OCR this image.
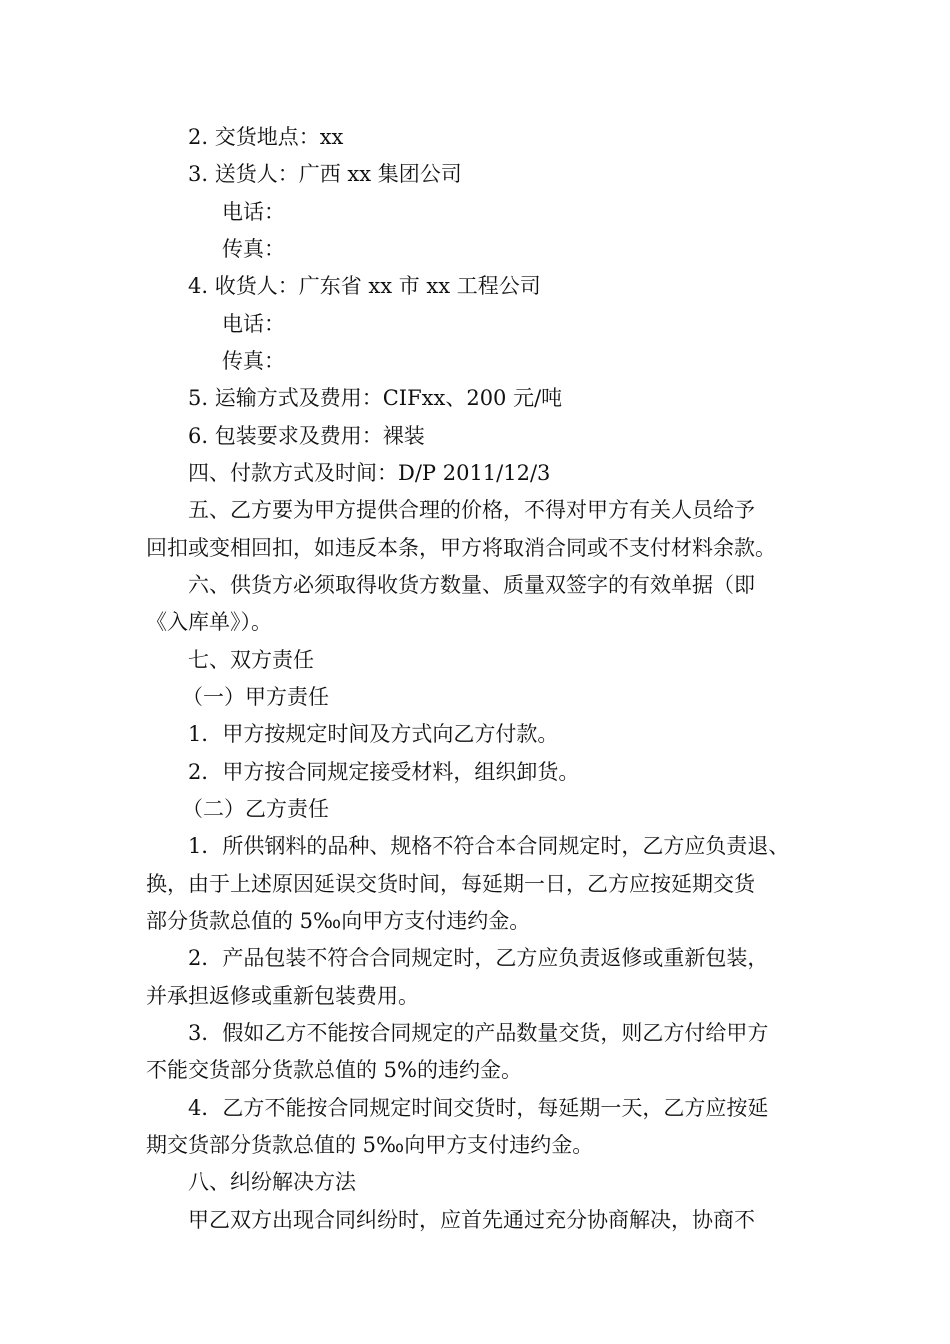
2. 交货地点：xx
3. 送货人：广西 xx 集团公司
电话：
传真：
4. 收货人：广东省 xx 市 xx 工程公司
电话：
传真：
5. 运输方式及费用：CIFxx、200 元/吨
6. 包装要求及费用：裸装
四、付款方式及时间：D/P 2011/12/3
五、乙方要为甲方提供合理的价格，不得对甲方有关人员给予
回扣或变相回扣，如违反本条，甲方将取消合同或不支付材料余款。
六、供货方必须取得收货方数量、质量双签字的有效单据（即
《入库单》）。
七、双方责任
（一）甲方责任
1．甲方按规定时间及方式向乙方付款。
2．甲方按合同规定接受材料，组织卸货。
（二）乙方责任
1．所供钢料的品种、规格不符合本合同规定时，乙方应负责退、
换，由于上述原因延误交货时间，每延期一日，乙方应按延期交货
部分货款总值的 5‰向甲方支付违约金。
2．产品包装不符合合同规定时，乙方应负责返修或重新包装，
并承担返修或重新包装费用。
3．假如乙方不能按合同规定的产品数量交货，则乙方付给甲方
不能交货部分货款总值的 5%的违约金。
4．乙方不能按合同规定时间交货时，每延期一天，乙方应按延
期交货部分货款总值的 5‰向甲方支付违约金。
八、纠纷解决方法
甲乙双方出现合同纠纷时，应首先通过充分协商解决，协商不
